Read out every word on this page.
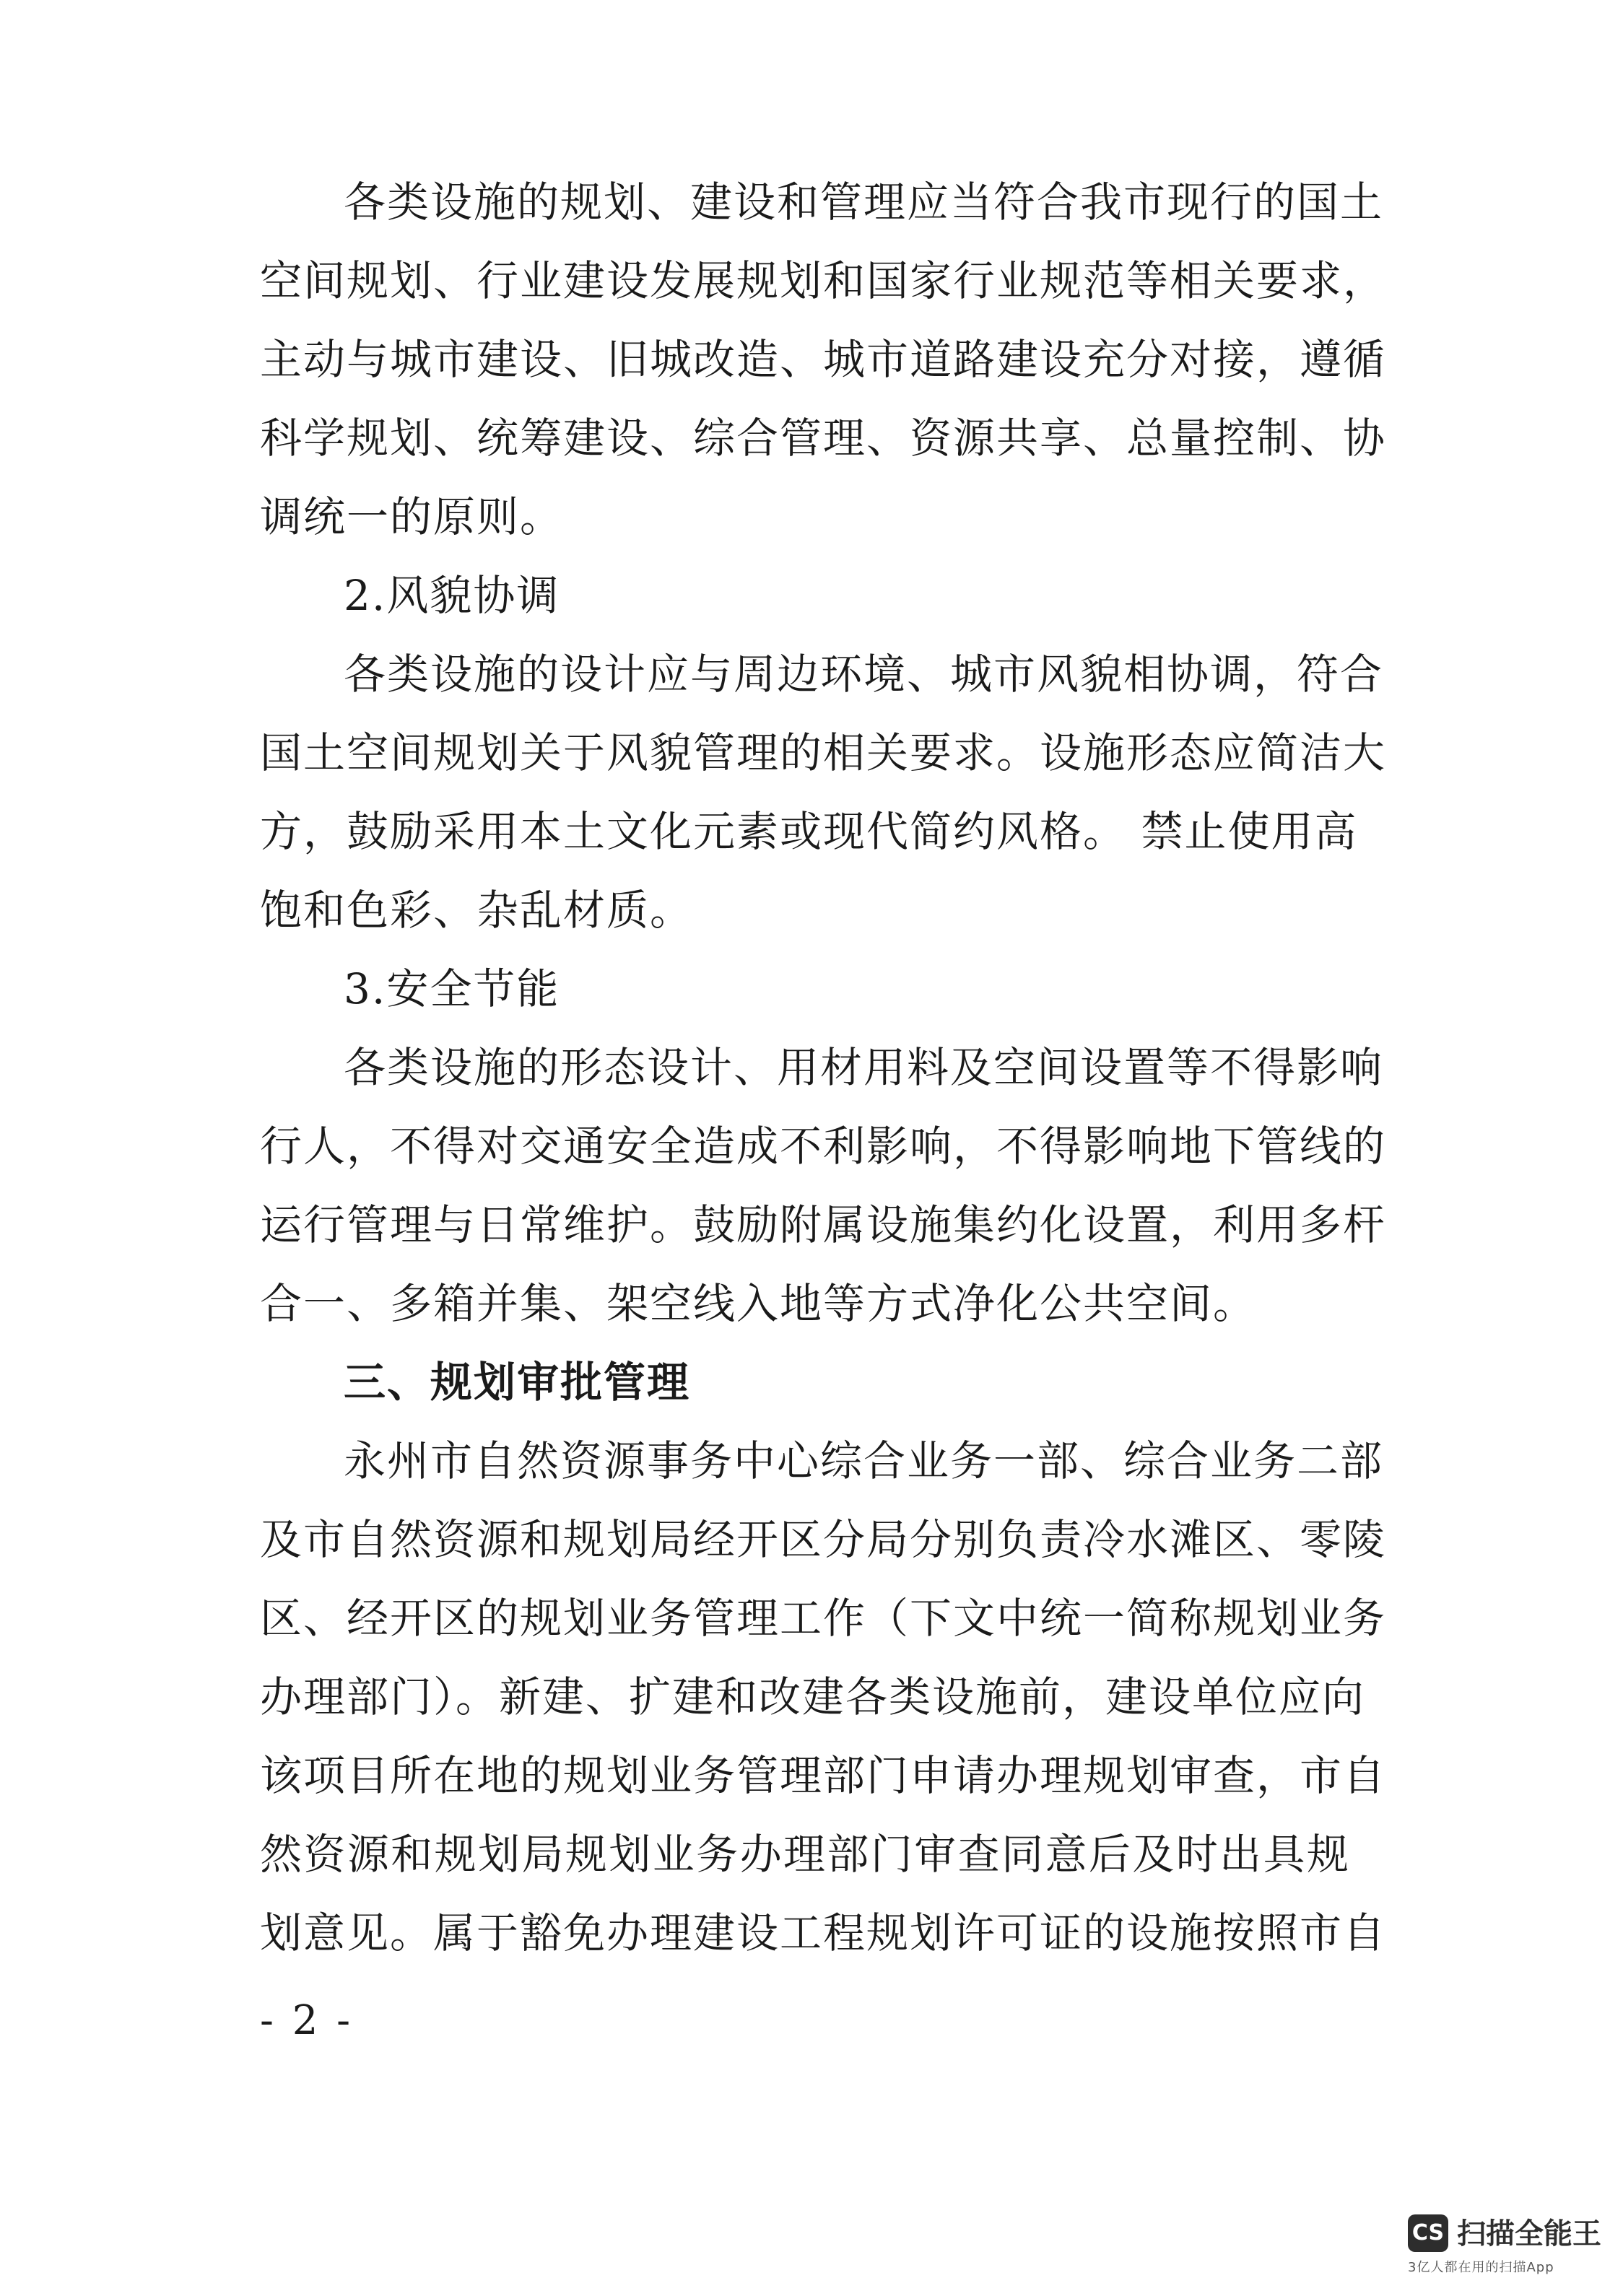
各类设施的规划、建设和管理应当符合我市现行的国土
空间规划、行业建设发展规划和国家行业规范等相关要求，
主动与城市建设、旧城改造、城市道路建设充分对接，遵循
科学规划、统筹建设、综合管理、资源共享、总量控制、协
调统一的原则。
2.风貌协调
各类设施的设计应与周边环境、城市风貌相协调，符合
国土空间规划关于风貌管理的相关要求。设施形态应简洁大
方，鼓励采用本土文化元素或现代简约风格。 禁止使用高
饱和色彩、杂乱材质。
3.安全节能
各类设施的形态设计、用材用料及空间设置等不得影响
行人，不得对交通安全造成不利影响，不得影响地下管线的
运行管理与日常维护。鼓励附属设施集约化设置，利用多杆
合一、多箱并集、架空线入地等方式净化公共空间。
三、规划审批管理
永州市自然资源事务中心综合业务一部、综合业务二部
及市自然资源和规划局经开区分局分别负责冷水滩区、零陵
区、经开区的规划业务管理工作（下文中统一简称规划业务
办理部门）。新建、扩建和改建各类设施前，建设单位应向
该项目所在地的规划业务管理部门申请办理规划审查，市自
然资源和规划局规划业务办理部门审查同意后及时出具规
划意见。属于豁免办理建设工程规划许可证的设施按照市自
- 2 -
CS 扫描全能王
3亿人都在用的扫描App
